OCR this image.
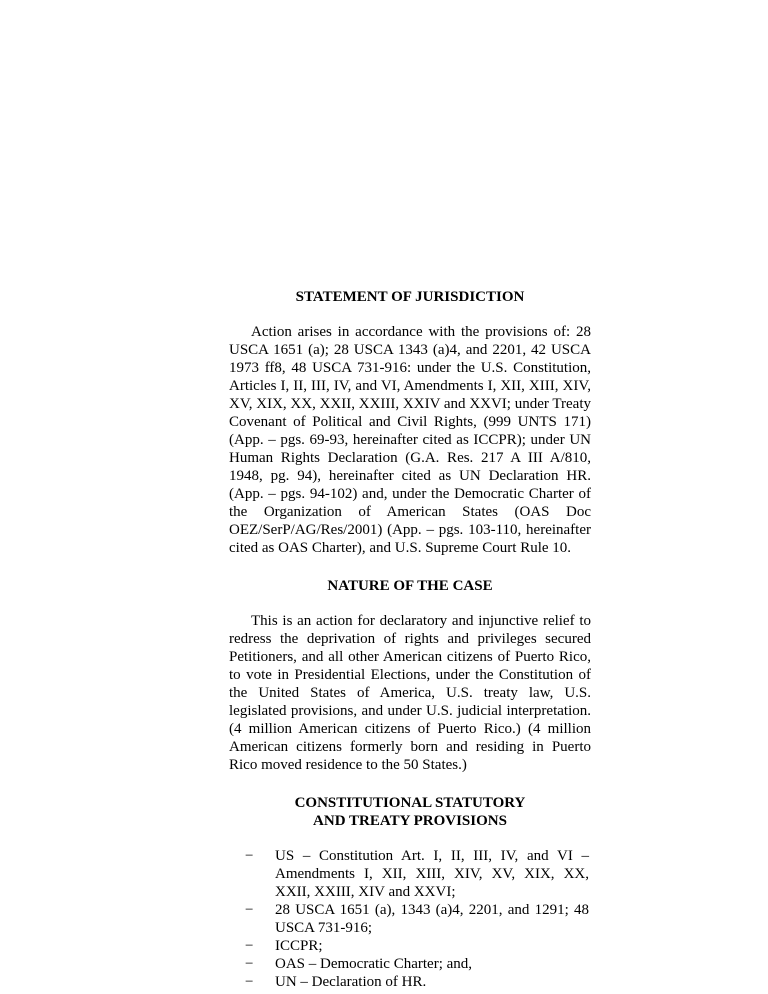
STATEMENT OF JURISDICTION

Action arises in accordance with the provisions of: 28 USCA 1651 (a); 28 USCA 1343 (a)4, and 2201, 42 USCA 1973 ff8, 48 USCA 731-916: under the U.S. Constitution, Articles I, II, III, IV, and VI, Amendments I, XII, XIII, XIV, XV, XIX, XX, XXII, XXIII, XXIV and XXVI; under Treaty Covenant of Political and Civil Rights, (999 UNTS 171) (App. – pgs. 69-93, hereinafter cited as ICCPR); under UN Human Rights Declaration (G.A. Res. 217 A III A/810, 1948, pg. 94), hereinafter cited as UN Declaration HR. (App. – pgs. 94-102) and, under the Democratic Charter of the Organization of American States (OAS Doc OEZ/SerP/AG/Res/2001) (App. – pgs. 103-110, hereinafter cited as OAS Charter), and U.S. Supreme Court Rule 10.

NATURE OF THE CASE

This is an action for declaratory and injunctive relief to redress the deprivation of rights and privileges secured Petitioners, and all other American citizens of Puerto Rico, to vote in Presidential Elections, under the Constitution of the United States of America, U.S. treaty law, U.S. legislated provisions, and under U.S. judicial interpretation. (4 million American citizens of Puerto Rico.) (4 million American citizens formerly born and residing in Puerto Rico moved residence to the 50 States.)

CONSTITUTIONAL STATUTORY
AND TREATY PROVISIONS
− US – Constitution Art. I, II, III, IV, and VI – Amendments I, XII, XIII, XIV, XV, XIX, XX, XXII, XXIII, XIV and XXVI;
− 28 USCA 1651 (a), 1343 (a)4, 2201, and 1291; 48 USCA 731-916;
− ICCPR;
− OAS – Democratic Charter; and,
− UN – Declaration of HR.
